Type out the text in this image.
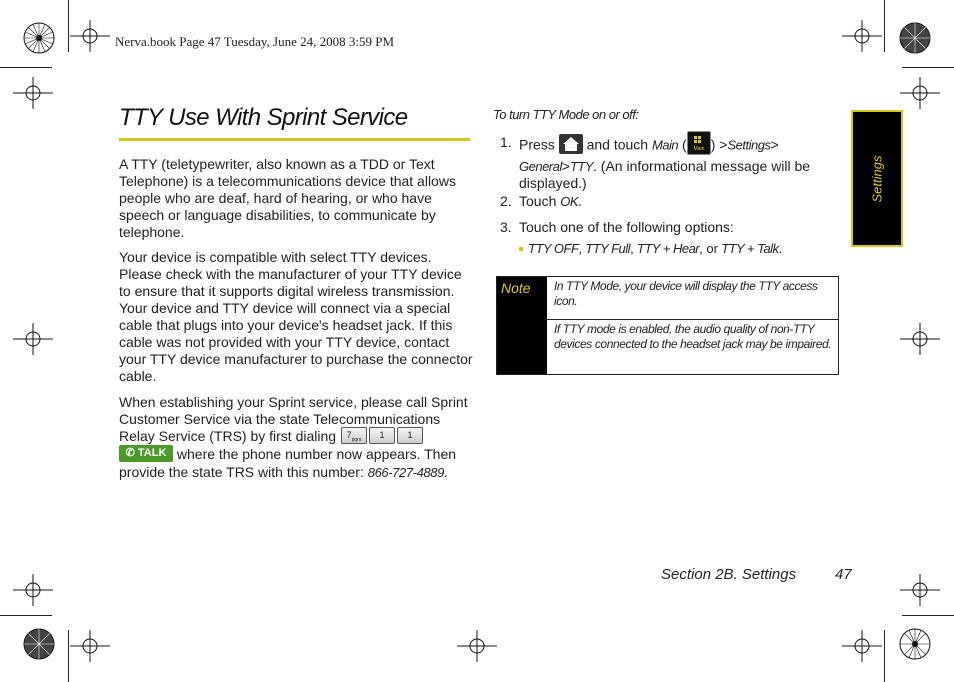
Nerva.book Page 47 Tuesday, June 24, 2008 3:59 PM
TTY Use With Sprint Service
A TTY (teletypewriter, also known as a TDD or Text Telephone) is a telecommunications device that allows people who are deaf, hard of hearing, or who have speech or language disabilities, to communicate by telephone.
Your device is compatible with select TTY devices. Please check with the manufacturer of your TTY device to ensure that it supports digital wireless transmission. Your device and TTY device will connect via a special cable that plugs into your device's headset jack. If this cable was not provided with your TTY device, contact your TTY device manufacturer to purchase the connector cable.
When establishing your Sprint service, please call Sprint Customer Service via the state Telecommunications Relay Service (TRS) by first dialing $7_{pqrs}$ 1	1✆ TALK where the phone number now appears. Then provide the state TRS with this number: 866-727-4889.
To turn TTY Mode on or off:
1. Press and touch Main ( Main ) >Settings> General>TTY. (An informational message will be displayed.)
2. Touch OK.
3. Touch one of the following options:
TTY OFF, TTY Full, TTY + Hear, or TTY + Talk.
Note In TTY Mode, your device will display the TTY access icon.
If TTY mode is enabled, the audio quality of non-TTY devices connected to the headset jack may be impaired.
Settings
Section 2B. Settings	47
